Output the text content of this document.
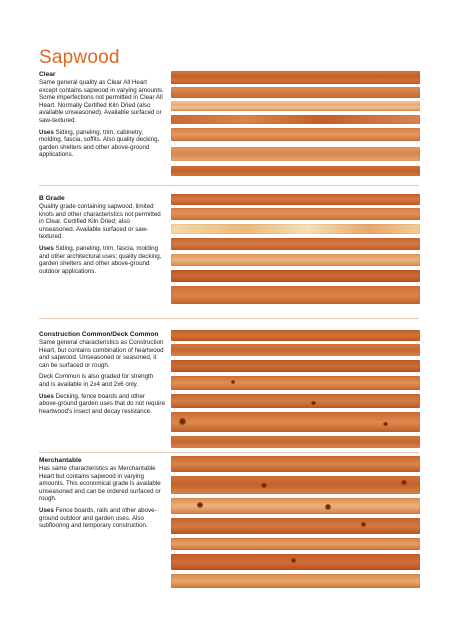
Sapwood

Clear

Same general quality as Clear All Heart except contains sapwood in varying amounts. Some imperfections not permitted in Clear All Heart. Normally Certified Kiln Dried (also available unseasoned). Available surfaced or saw-textured.

Uses Siding, paneling, trim, cabinetry, molding, fascia, soffits. Also quality decking, garden shelters and other above-ground applications.

B Grade

Quality grade containing sapwood, limited knots and other characteristics not permitted in Clear. Certified Kiln Dried; also unseasoned. Available surfaced or saw-textured.

Uses Siding, paneling, trim, fascia, molding and other architectural uses; quality decking, garden shelters and other above-ground outdoor applications.

Construction Common/Deck Common

Same general characteristics as Construction Heart, but contains combination of heartwood and sapwood. Unseasoned or seasoned, it can be surfaced or rough.

Deck Common is also graded for strength and is available in 2x4 and 2x6 only.

Uses Decking, fence boards and other above-ground garden uses that do not require heartwood's insect and decay resistance.

Merchantable

Has same characteristics as Merchantable Heart but contains sapwood in varying amounts. This economical grade is available unseasoned and can be ordered surfaced or rough.

Uses Fence boards, rails and other above-ground outdoor and garden uses. Also subflooring and temporary construction.
